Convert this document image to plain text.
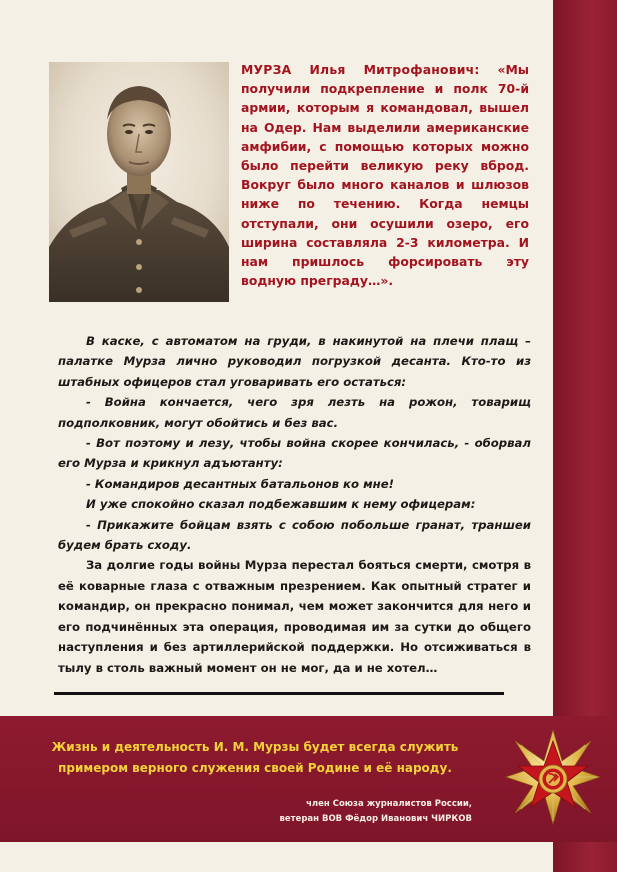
МУРЗА Илья Митрофанович: «Мы получили подкрепление и полк 70-й армии, которым я командовал, вышел на Одер. Нам выделили американские амфибии, с помощью которых можно было перейти великую реку вброд. Вокруг было много каналов и шлюзов ниже по течению. Когда немцы отступали, они осушили озеро, его ширина составляла 2-3 километра. И нам пришлось форсировать эту водную преграду…».

В каске, с автоматом на груди, в накинутой на плечи плащ – палатке Мурза лично руководил погрузкой десанта. Кто-то из штабных офицеров стал уговаривать его остаться:

- Война кончается, чего зря лезть на рожон, товарищ подполковник, могут обойтись и без вас.

- Вот поэтому и лезу, чтобы война скорее кончилась, - оборвал его Мурза и крикнул адъютанту:

- Командиров десантных батальонов ко мне!

И уже спокойно сказал подбежавшим к нему офицерам:

- Прикажите бойцам взять с собою побольше гранат, траншеи будем брать сходу.

За долгие годы войны Мурза перестал бояться смерти, смотря в её коварные глаза с отважным презрением. Как опытный стратег и командир, он прекрасно понимал, чем может закончится для него и его подчинённых эта операция, проводимая им за сутки до общего наступления и без артиллерийской поддержки. Но отсиживаться в тылу в столь важный момент он не мог, да и не хотел…

Жизнь и деятельность И. М. Мурзы будет всегда служить
примером верного служения своей Родине и её народу.
член Союза журналистов России,
ветеран ВОВ Фёдор Иванович ЧИРКОВ
